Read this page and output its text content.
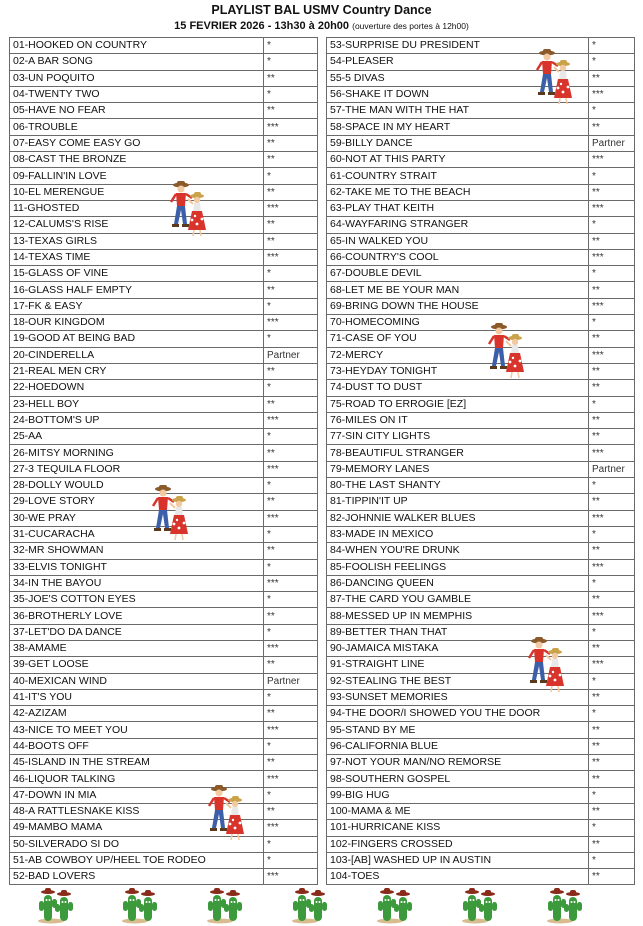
PLAYLIST BAL USMV Country Dance
15 FEVRIER 2026 - 13h30 à 20h00 (ouverture des portes à 12h00)
01-HOOKED ON COUNTRY	*
02-A BAR SONG	*
03-UN POQUITO	**
04-TWENTY TWO	*
05-HAVE NO FEAR	**
06-TROUBLE	***
07-EASY COME EASY GO	**
08-CAST THE BRONZE	**
09-FALLIN'IN LOVE	*
10-EL MERENGUE	**
11-GHOSTED	***
12-CALUMS'S RISE	**
13-TEXAS GIRLS	**
14-TEXAS TIME	***
15-GLASS OF VINE	*
16-GLASS HALF EMPTY	**
17-FK & EASY	*
18-OUR KINGDOM	***
19-GOOD AT BEING BAD	*
20-CINDERELLA	Partner
21-REAL MEN CRY	**
22-HOEDOWN	*
23-HELL BOY	**
24-BOTTOM'S UP	***
25-AA	*
26-MITSY MORNING	**
27-3 TEQUILA FLOOR	***
28-DOLLY WOULD	*
29-LOVE STORY	**
30-WE PRAY	***
31-CUCARACHA	*
32-MR SHOWMAN	**
33-ELVIS TONIGHT	*
34-IN THE BAYOU	***
35-JOE'S COTTON EYES	*
36-BROTHERLY LOVE	**
37-LET'DO DA DANCE	*
38-AMAME	***
39-GET LOOSE	**
40-MEXICAN WIND	Partner
41-IT'S YOU	*
42-AZIZAM	**
43-NICE TO MEET YOU	***
44-BOOTS OFF	*
45-ISLAND IN THE STREAM	**
46-LIQUOR TALKING	***
47-DOWN IN MIA	*
48-A RATTLESNAKE KISS	**
49-MAMBO MAMA	***
50-SILVERADO SI DO	*
51-AB COWBOY UP/HEEL TOE RODEO	*
52-BAD LOVERS	***
53-SURPRISE DU PRESIDENT	*
54-PLEASER	*
55-5 DIVAS	**
56-SHAKE IT DOWN	***
57-THE MAN WITH THE HAT	*
58-SPACE IN MY HEART	**
59-BILLY DANCE	Partner
60-NOT AT THIS PARTY	***
61-COUNTRY STRAIT	*
62-TAKE ME TO THE BEACH	**
63-PLAY THAT KEITH	***
64-WAYFARING STRANGER	*
65-IN WALKED YOU	**
66-COUNTRY'S COOL	***
67-DOUBLE DEVIL	*
68-LET ME BE YOUR MAN	**
69-BRING DOWN THE HOUSE	***
70-HOMECOMING	*
71-CASE OF YOU	**
72-MERCY	***
73-HEYDAY TONIGHT	**
74-DUST TO DUST	**
75-ROAD TO ERROGIE [EZ]	*
76-MILES ON IT	**
77-SIN CITY LIGHTS	**
78-BEAUTIFUL STRANGER	***
79-MEMORY LANES	Partner
80-THE LAST SHANTY	*
81-TIPPIN'IT UP	**
82-JOHNNIE WALKER BLUES	***
83-MADE IN MEXICO	*
84-WHEN YOU'RE DRUNK	**
85-FOOLISH FEELINGS	***
86-DANCING QUEEN	*
87-THE CARD YOU GAMBLE	**
88-MESSED UP IN MEMPHIS	***
89-BETTER THAN THAT	*
90-JAMAICA MISTAKA	**
91-STRAIGHT LINE	***
92-STEALING THE BEST	*
93-SUNSET MEMORIES	**
94-THE DOOR/I SHOWED YOU THE DOOR	*
95-STAND BY ME	**
96-CALIFORNIA BLUE	**
97-NOT YOUR MAN/NO REMORSE	**
98-SOUTHERN GOSPEL	**
99-BIG HUG	*
100-MAMA & ME	**
101-HURRICANE KISS	*
102-FINGERS CROSSED	**
103-[AB] WASHED UP IN AUSTIN	*
104-TOES	**
